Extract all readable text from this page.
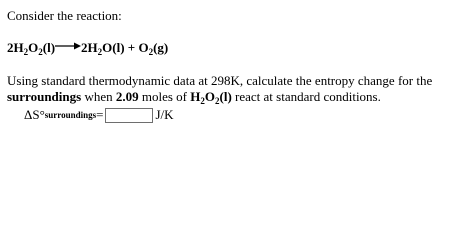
Consider the reaction:
$2H_2O_2(l)\to 2H_2O(l) + O_2(g)$
Using standard thermodynamic data at 298K, calculate the entropy change for the
surroundings when 2.09 moles of $H_2O_2(l)$ react at standard conditions.
ΔS° surroundings =	J/K
